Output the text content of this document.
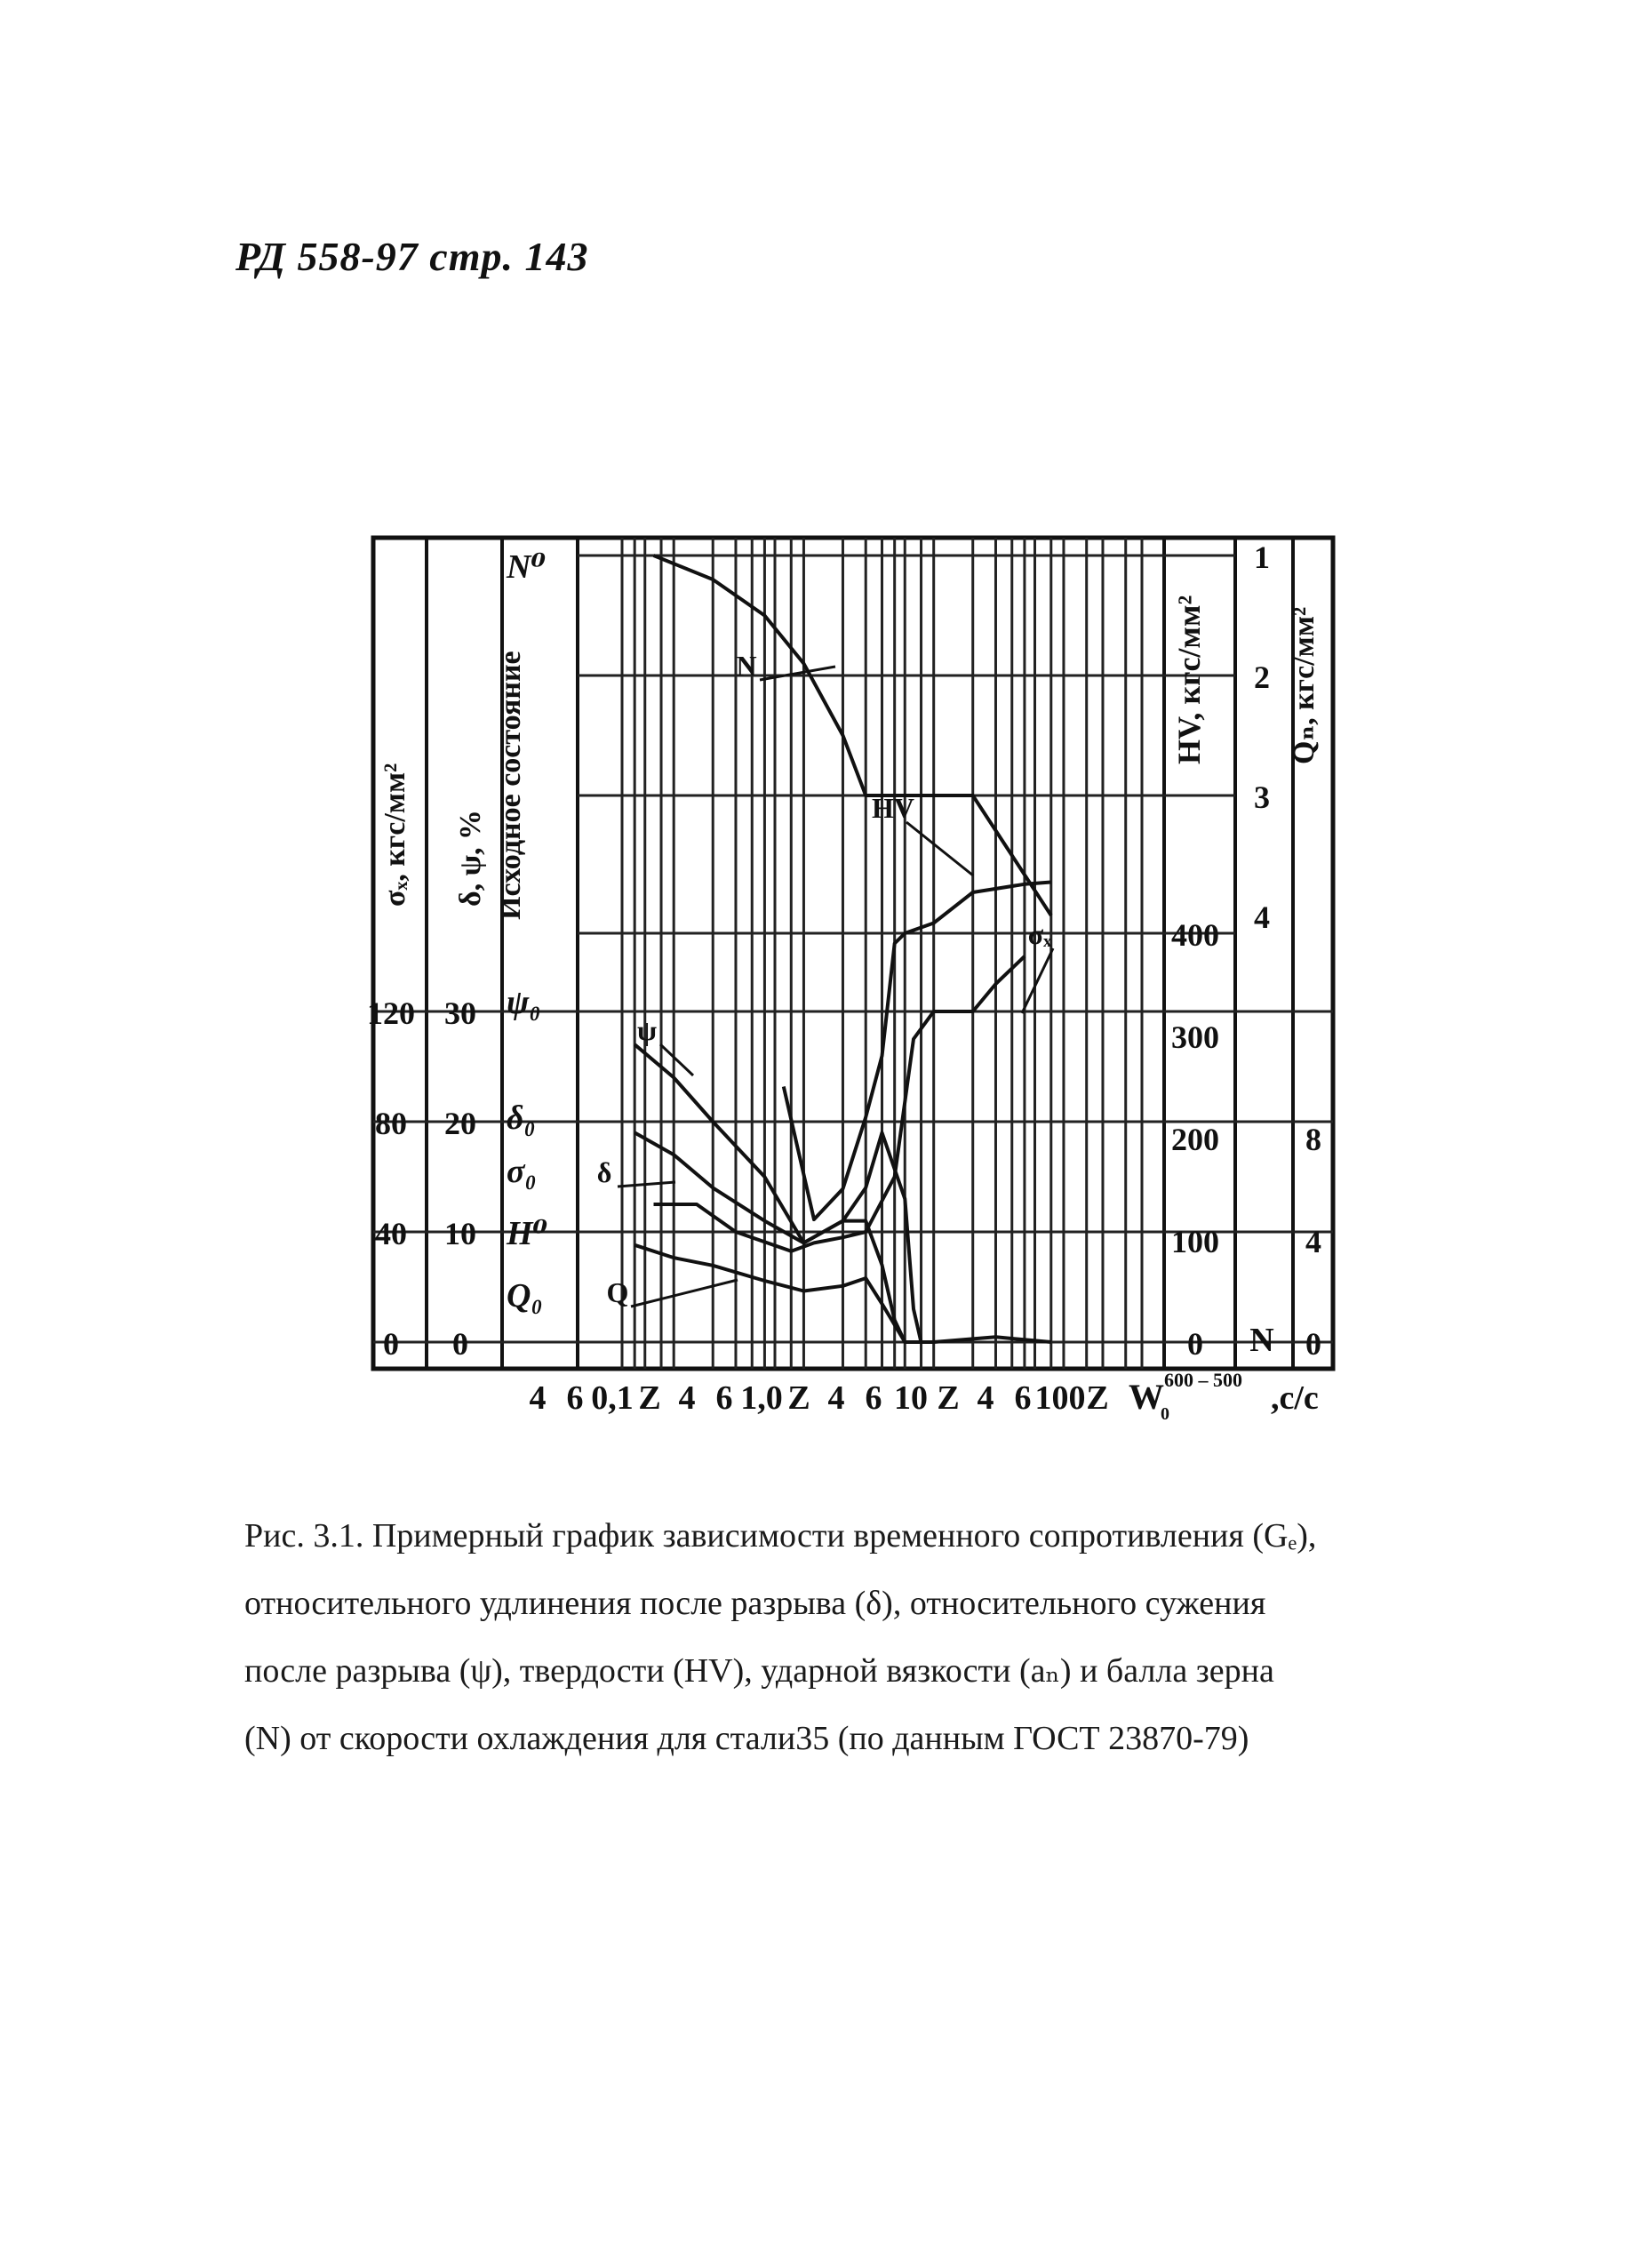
РД 558-97 стр. 143
0
40
80
120
σₓ, кгс/мм²
0
10
20
30
δ, ψ, % Исходное состояние
N⁰
ψ₀
δ₀
σ₀
H⁰
Q₀
0
100
200
300
400
HV, кгс/мм²
1
2
3
4
N 0
4
8
Qₙ, кгс/мм²
4 6 0,1 Z 4 6 1,0 Z 4 6 10 Z 4 6 100 Z W 600 – 500
0	,c/c
N
HV
σₓ
ψ
δ
Q
Рис. 3.1. Примерный график зависимости временного сопротивления (Gₑ), относительного удлинения после разрыва (δ), относительного сужения после разрыва (ψ), твердости (HV), ударной вязкости (aₙ) и балла зерна (N) от скорости охлаждения для стали35 (по данным ГОСТ 23870-79)
